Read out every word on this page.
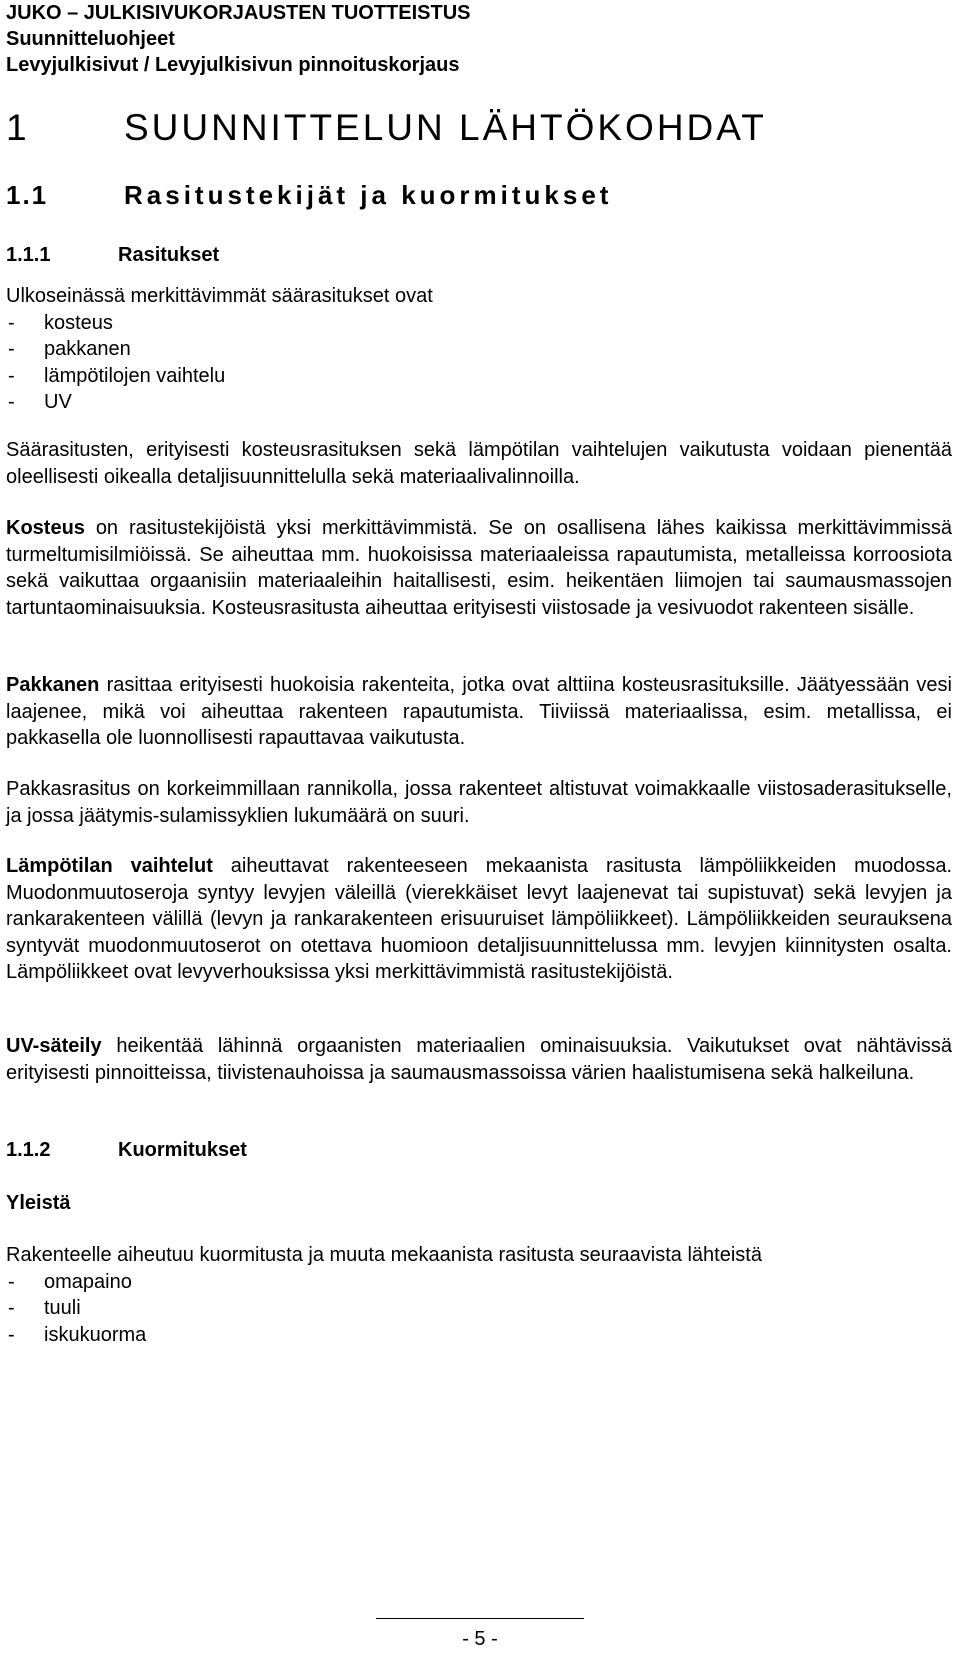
JUKO – JULKISIVUKORJAUSTEN TUOTTEISTUS
Suunnitteluohjeet
Levyjulkisivut / Levyjulkisivun pinnoituskorjaus
1	SUUNNITTELUN LÄHTÖKOHDAT
1.1	Rasitustekijät ja kuormitukset
1.1.1	Rasitukset

Ulkoseinässä merkittävimmät säärasitukset ovat

-	kosteus
-	pakkanen
-	lämpötilojen vaihtelu
-	UV

Säärasitusten, erityisesti kosteusrasituksen sekä lämpötilan vaihtelujen vaikutusta voidaan pienentää oleellisesti oikealla detaljisuunnittelulla sekä materiaalivalinnoilla.

Kosteus on rasitustekijöistä yksi merkittävimmistä. Se on osallisena lähes kaikissa merkittävimmissä turmeltumisilmiöissä. Se aiheuttaa mm. huokoisissa materiaaleissa rapautumista, metalleissa korroosiota sekä vaikuttaa orgaanisiin materiaaleihin haitallisesti, esim. heikentäen liimojen tai saumausmassojen tartuntaominaisuuksia. Kosteusrasitusta aiheuttaa erityisesti viistosade ja vesivuodot rakenteen sisälle.

Pakkanen rasittaa erityisesti huokoisia rakenteita, jotka ovat alttiina kosteusrasituksille. Jäätyessään vesi laajenee, mikä voi aiheuttaa rakenteen rapautumista. Tiiviissä materiaalissa, esim. metallissa, ei pakkasella ole luonnollisesti rapauttavaa vaikutusta.

Pakkasrasitus on korkeimmillaan rannikolla, jossa rakenteet altistuvat voimakkaalle viistosaderasitukselle, ja jossa jäätymis-sulamissyklien lukumäärä on suuri.

Lämpötilan vaihtelut aiheuttavat rakenteeseen mekaanista rasitusta lämpöliikkeiden muodossa. Muodonmuutoseroja syntyy levyjen väleillä (vierekkäiset levyt laajenevat tai supistuvat) sekä levyjen ja rankarakenteen välillä (levyn ja rankarakenteen erisuuruiset lämpöliikkeet). Lämpöliikkeiden seurauksena syntyvät muodonmuutoserot on otettava huomioon detaljisuunnittelussa mm. levyjen kiinnitysten osalta. Lämpöliikkeet ovat levyverhouksissa yksi merkittävimmistä rasitustekijöistä.

UV-säteily heikentää lähinnä orgaanisten materiaalien ominaisuuksia. Vaikutukset ovat nähtävissä erityisesti pinnoitteissa, tiivistenauhoissa ja saumausmassoissa värien haalistumisena sekä halkeiluna.

1.1.2	Kuormitukset
Yleistä

Rakenteelle aiheutuu kuormitusta ja muuta mekaanista rasitusta seuraavista lähteistä

-	omapaino
-	tuuli
-	iskukuorma
- 5 -
